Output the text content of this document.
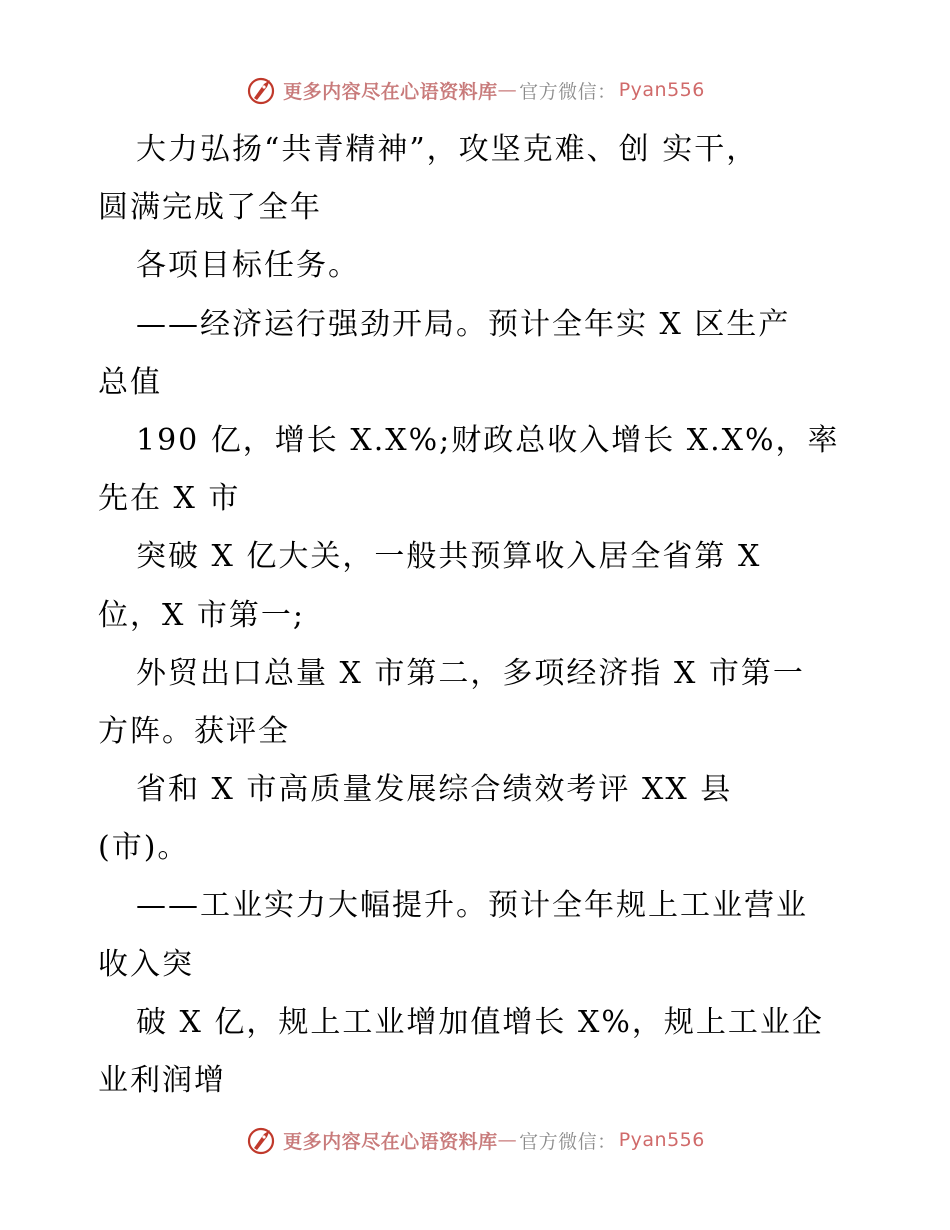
更多内容尽在心语资料库 — 官方微信： Pyan556
大力弘扬“共青精神”，攻坚克难、创 实干，
圆满完成了全年
各项目标任务。
——经济运行强劲开局。预计全年实 X 区生产
总值
190 亿，增长 X.X%;财政总收入增长 X.X%，率
先在 X 市
突破 X 亿大关，一般共预算收入居全省第 X
位，X 市第一;
外贸出口总量 X 市第二，多项经济指 X 市第一
方阵。获评全
省和 X 市高质量发展综合绩效考评 XX 县
(市)。
——工业实力大幅提升。预计全年规上工业营业
收入突
破 X 亿，规上工业增加值增长 X%，规上工业企
业利润增
更多内容尽在心语资料库 — 官方微信： Pyan556
